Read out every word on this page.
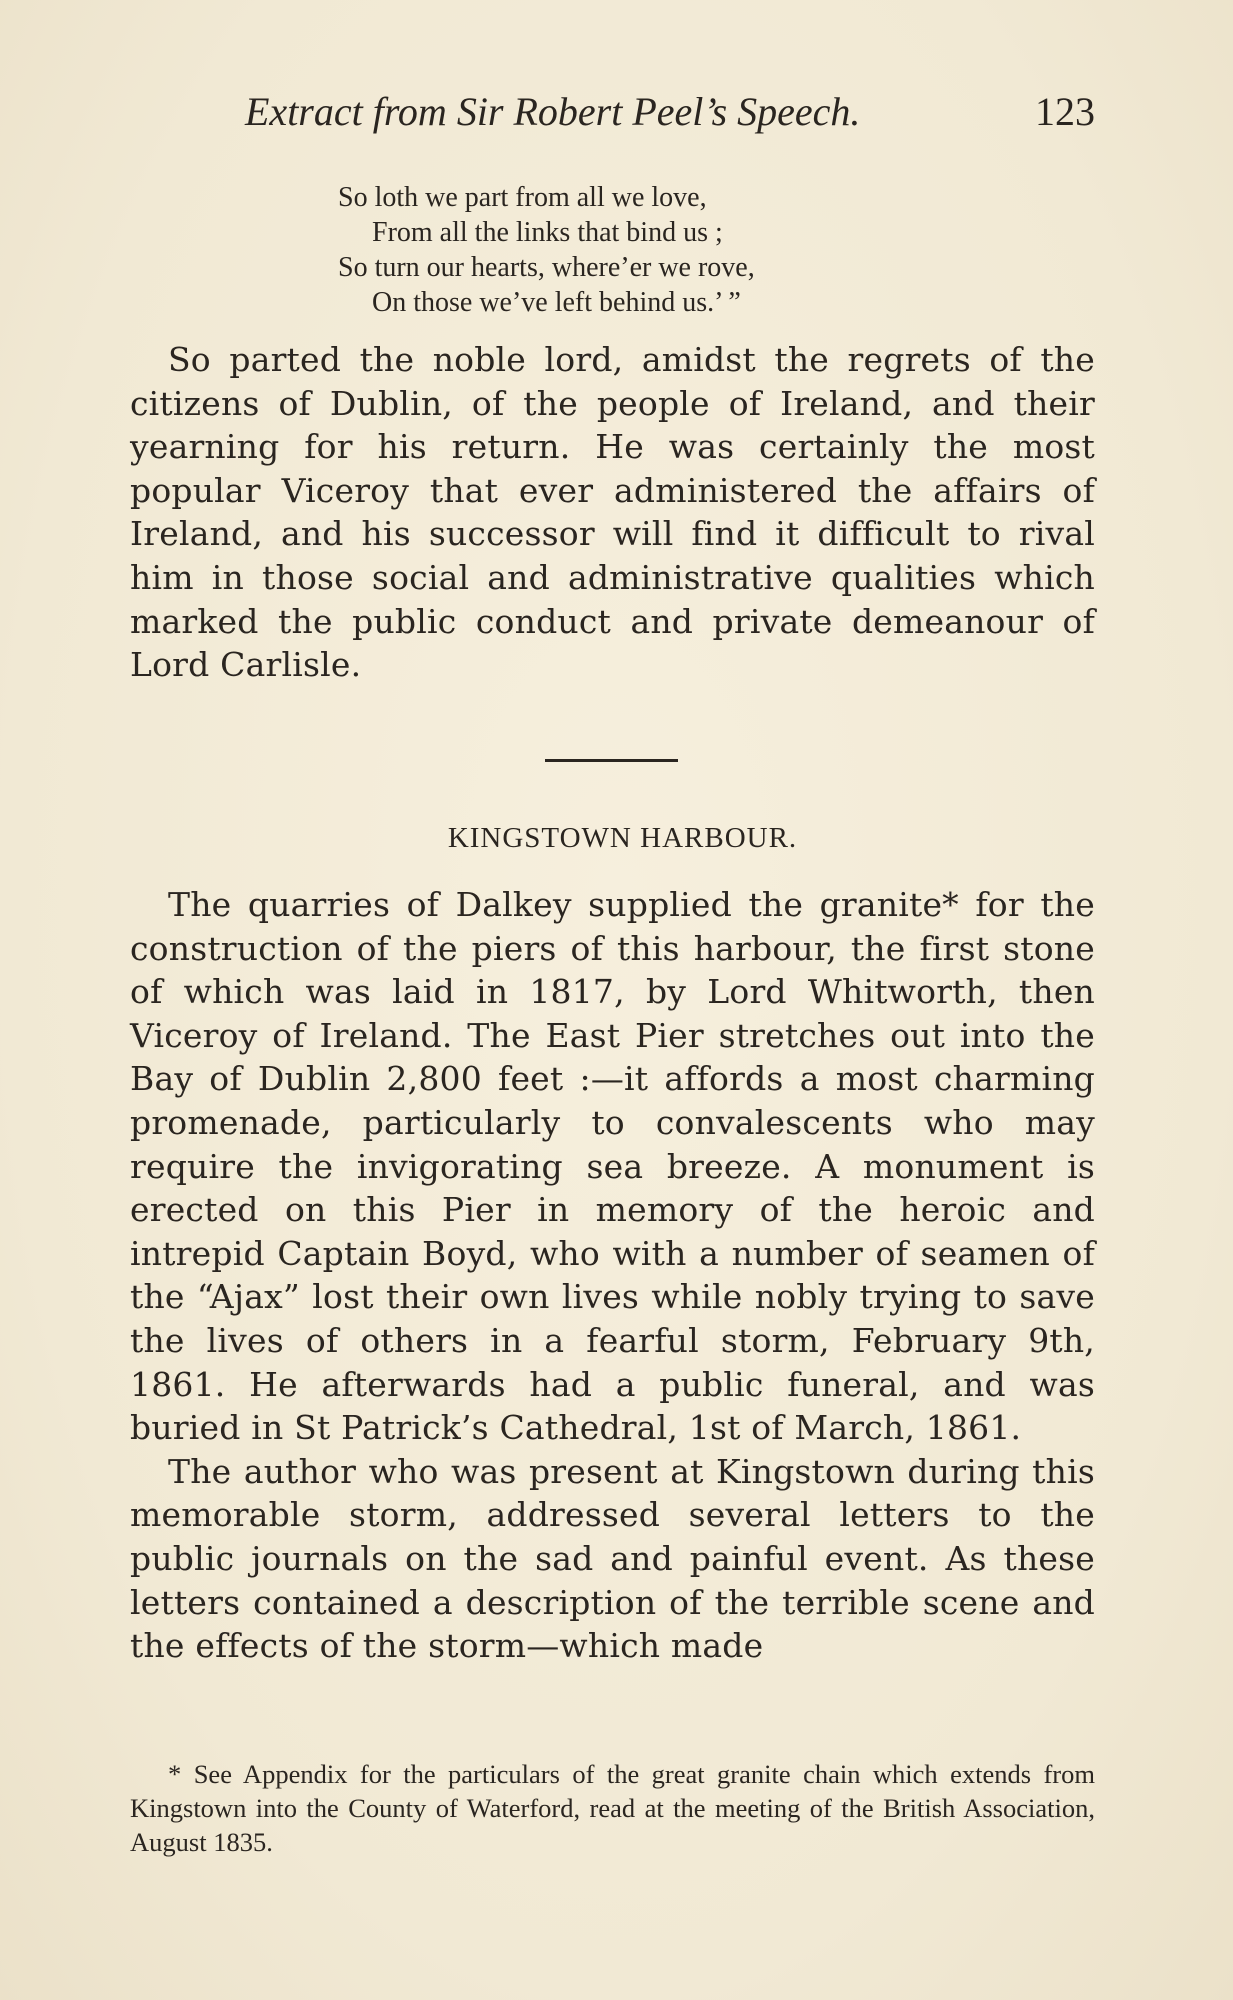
Extract from Sir Robert Peel’s Speech.	123
So loth we part from all we love,
From all the links that bind us ;
So turn our hearts, where’er we rove,
On those we’ve left behind us.’ ”

So parted the noble lord, amidst the regrets of the citizens of Dublin, of the people of Ireland, and their yearning for his return. He was certainly the most popular Viceroy that ever administered the affairs of Ireland, and his successor will find it difficult to rival him in those social and administrative qualities which marked the public conduct and private demeanour of Lord Carlisle.

KINGSTOWN HARBOUR.

The quarries of Dalkey supplied the granite* for the construction of the piers of this harbour, the first stone of which was laid in 1817, by Lord Whitworth, then Viceroy of Ireland. The East Pier stretches out into the Bay of Dublin 2,800 feet :—it affords a most charming promenade, particularly to convalescents who may require the invigorating sea breeze. A monument is erected on this Pier in memory of the heroic and intrepid Captain Boyd, who with a number of seamen of the “Ajax” lost their own lives while nobly trying to save the lives of others in a fearful storm, February 9th, 1861. He afterwards had a public funeral, and was buried in St Patrick’s Cathedral, 1st of March, 1861.

The author who was present at Kingstown during this memorable storm, addressed several letters to the public journals on the sad and painful event. As these letters contained a description of the terrible scene and the effects of the storm—which made

* See Appendix for the particulars of the great granite chain which extends from Kingstown into the County of Waterford, read at the meeting of the British Association, August 1835.
